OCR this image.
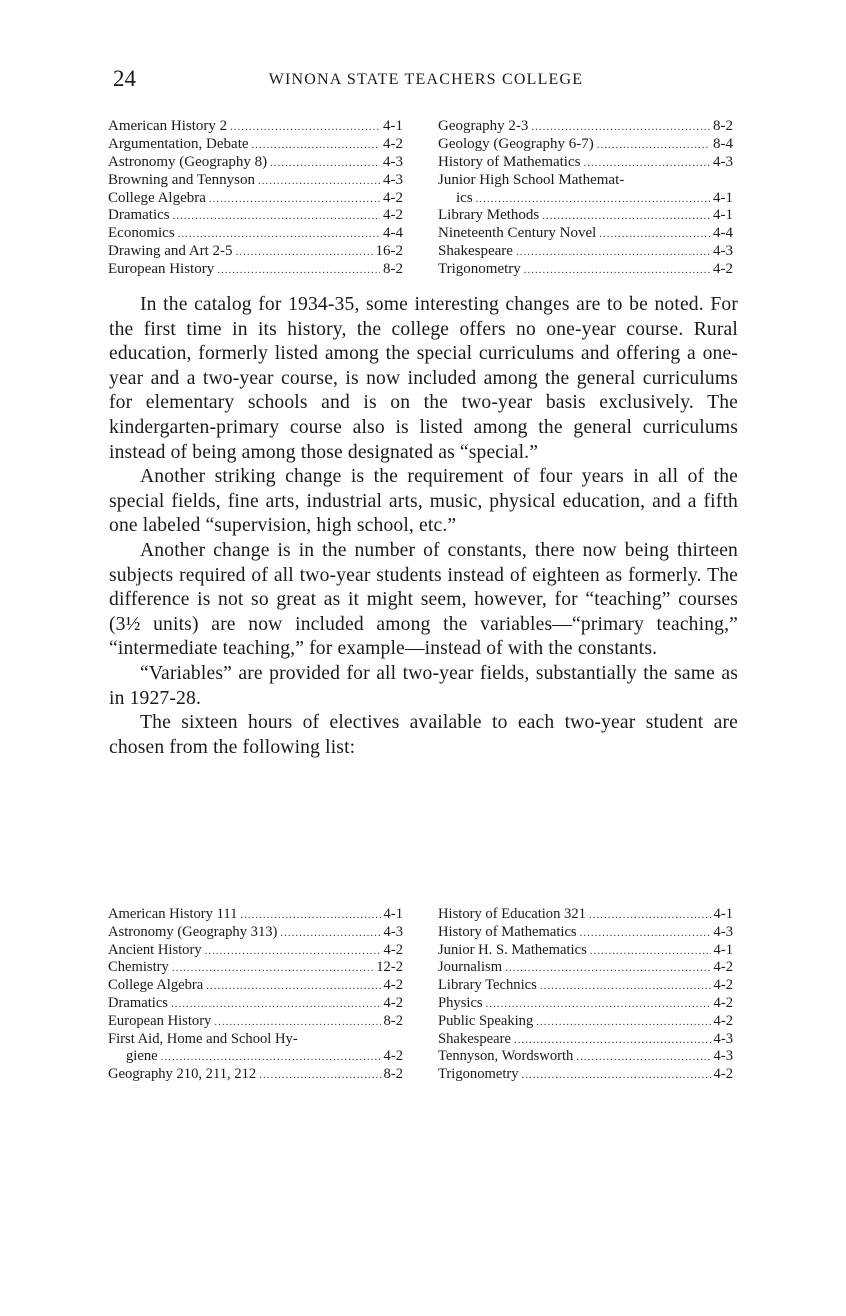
24	WINONA STATE TEACHERS COLLEGE
American History 2 .....	4-1
Argumentation, Debate .....	4-2
Astronomy (Geography 8) .....	4-3
Browning and Tennyson .....	4-3
College Algebra .....	4-2
Dramatics .....	4-2
Economics .....	4-4
Drawing and Art 2-5 .....	16-2
European History .....	8-2
Geography 2-3 .....	8-2
Geology (Geography 6-7) .....	8-4
History of Mathematics .....	4-3
Junior High School Mathemat-
ics .....	4-1
Library Methods .....	4-1
Nineteenth Century Novel .....	4-4
Shakespeare .....	4-3
Trigonometry .....	4-2

In the catalog for 1934-35, some interesting changes are to be noted. For the first time in its history, the college offers no one-year course. Rural education, formerly listed among the special curriculums and offering a one-year and a two-year course, is now included among the general curriculums for elementary schools and is on the two-year basis exclusively. The kindergarten-primary course also is listed among the general curriculums instead of being among those designated as “special.”

Another striking change is the requirement of four years in all of the special fields, fine arts, industrial arts, music, physical education, and a fifth one labeled “supervision, high school, etc.”

Another change is in the number of constants, there now being thirteen subjects required of all two-year students instead of eighteen as formerly. The difference is not so great as it might seem, however, for “teaching” courses (3½ units) are now included among the variables—“primary teaching,” “intermediate teaching,” for example—instead of with the constants.

“Variables” are provided for all two-year fields, substantially the same as in 1927-28.

The sixteen hours of electives available to each two-year student are chosen from the following list:

American History 111 .....	4-1
Astronomy (Geography 313) .....	4-3
Ancient History .....	4-2
Chemistry .....	12-2
College Algebra .....	4-2
Dramatics .....	4-2
European History .....	8-2
First Aid, Home and School Hy-
giene .....	4-2
Geography 210, 211, 212 .....	8-2
History of Education 321 .....	4-1
History of Mathematics .....	4-3
Junior H. S. Mathematics .....	4-1
Journalism .....	4-2
Library Technics .....	4-2
Physics .....	4-2
Public Speaking .....	4-2
Shakespeare .....	4-3
Tennyson, Wordsworth .....	4-3
Trigonometry .....	4-2
